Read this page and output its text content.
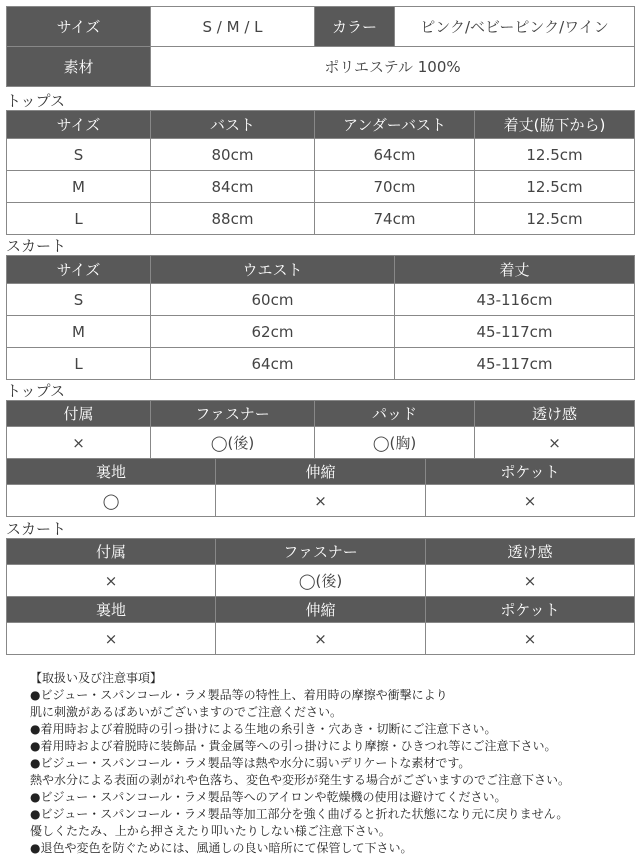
サイズ	S / M / L	カラー	ピンク/ベビーピンク/ワイン
素材	ポリエステル 100%		
トップス
サイズ	バスト	アンダーバスト	着丈(脇下から)
S	80cm	64cm	12.5cm
M	84cm	70cm	12.5cm
L	88cm	74cm	12.5cm
スカート
サイズ	ウエスト	着丈
S	60cm	43-116cm
M	62cm	45-117cm
L	64cm	45-117cm
トップス
付属	ファスナー	パッド	透け感
×	◯(後)	◯(胸)	×
裏地	伸縮	ポケット
◯	×	×
スカート
付属	ファスナー	透け感
×	◯(後)	×
裏地	伸縮	ポケット
×	×	×
【取扱い及び注意事項】
●ビジュー・スパンコール・ラメ製品等の特性上、着用時の摩擦や衝撃により
肌に刺激があるばあいがございますのでご注意ください。
●着用時および着脱時の引っ掛けによる生地の糸引き・穴あき・切断にご注意下さい。
●着用時および着脱時に装飾品・貴金属等への引っ掛けにより摩擦・ひきつれ等にご注意下さい。
●ビジュー・スパンコール・ラメ製品等は熱や水分に弱いデリケートな素材です。
熱や水分による表面の剥がれや色落ち、変色や変形が発生する場合がございますのでご注意下さい。
●ビジュー・スパンコール・ラメ製品等へのアイロンや乾燥機の使用は避けてください。
●ビジュー・スパンコール・ラメ製品等加工部分を強く曲げると折れた状態になり元に戻りません。
優しくたたみ、上から押さえたり叩いたりしない様ご注意下さい。
●退色や変色を防ぐためには、風通しの良い暗所にて保管して下さい。
